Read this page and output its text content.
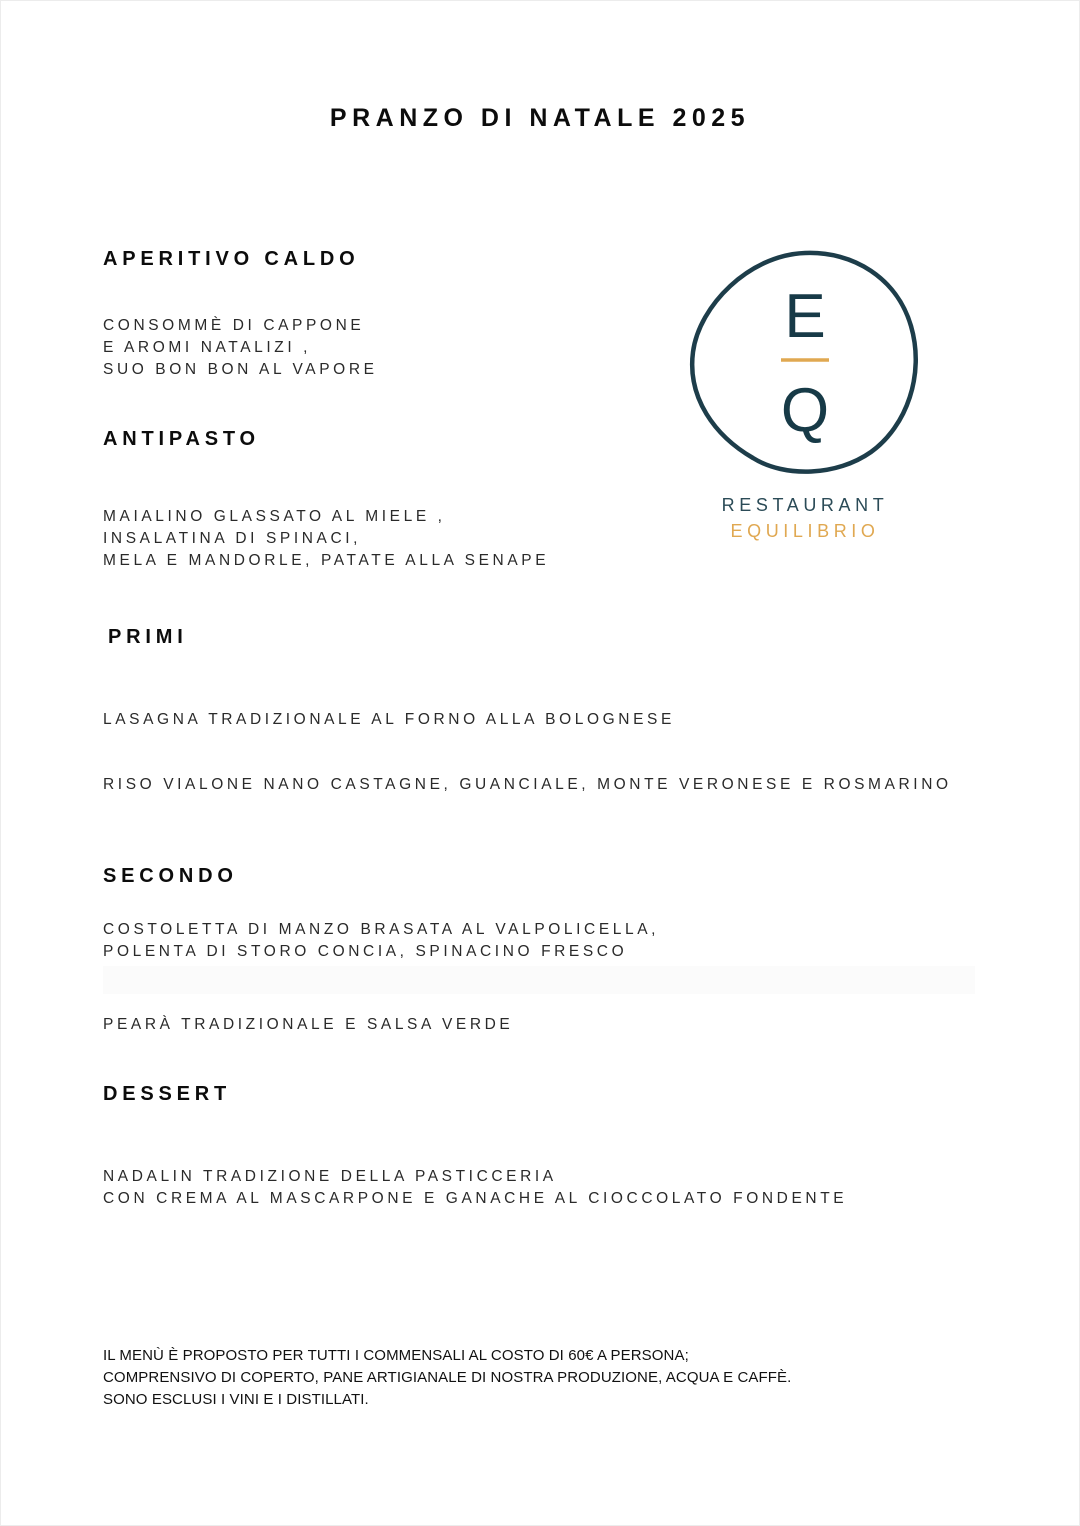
PRANZO DI NATALE 2025
APERITIVO CALDO
CONSOMMÈ DI CAPPONE
E AROMI NATALIZI ,
SUO BON BON AL VAPORE
ANTIPASTO
MAIALINO GLASSATO AL MIELE ,
INSALATINA DI SPINACI,
MELA E MANDORLE, PATATE ALLA SENAPE
PRIMI
LASAGNA TRADIZIONALE AL FORNO ALLA BOLOGNESE
RISO VIALONE NANO CASTAGNE, GUANCIALE, MONTE VERONESE E ROSMARINO
SECONDO
COSTOLETTA DI MANZO BRASATA AL VALPOLICELLA,
POLENTA DI STORO CONCIA, SPINACINO FRESCO
PEARÀ TRADIZIONALE E SALSA VERDE
DESSERT
NADALIN TRADIZIONE DELLA PASTICCERIA
CON CREMA AL MASCARPONE E GANACHE AL CIOCCOLATO FONDENTE
IL MENÙ È PROPOSTO PER TUTTI I COMMENSALI AL COSTO DI 60€ A PERSONA;
COMPRENSIVO DI COPERTO, PANE ARTIGIANALE DI NOSTRA PRODUZIONE, ACQUA E CAFFÈ.
SONO ESCLUSI I VINI E I DISTILLATI.
E
Q
RESTAURANT
EQUILIBRIO
